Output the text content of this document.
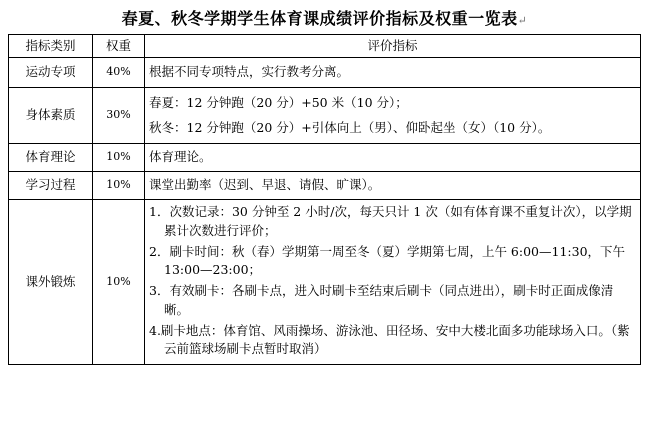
春夏、秋冬学期学生体育课成绩评价指标及权重一览表↵
指标类别	权重	评价指标
运动专项	40%	根据不同专项特点，实行教考分离。

身体素质	30%	春夏：12 分钟跑（20 分）+50 米（10 分）；

秋冬：12 分钟跑（20 分）+引体向上（男）、仰卧起坐（女）（10 分）。

体育理论	10%	体育理论。

学习过程	10%	课堂出勤率（迟到、早退、请假、旷课）。

课外锻炼	10%	1．次数记录：30 分钟至 2 小时/次，每天只计 1 次（如有体育课不重复计次），以学期累计次数进行评价；

2．刷卡时间：秋（春）学期第一周至冬（夏）学期第七周，上午 6:00—11:30，下午 13:00—23:00；

3．有效刷卡：各刷卡点，进入时刷卡至结束后刷卡（同点进出），刷卡时正面成像清晰。

4.刷卡地点：体育馆、风雨操场、游泳池、田径场、安中大楼北面多功能球场入口。（紫云前篮球场刷卡点暂时取消）
